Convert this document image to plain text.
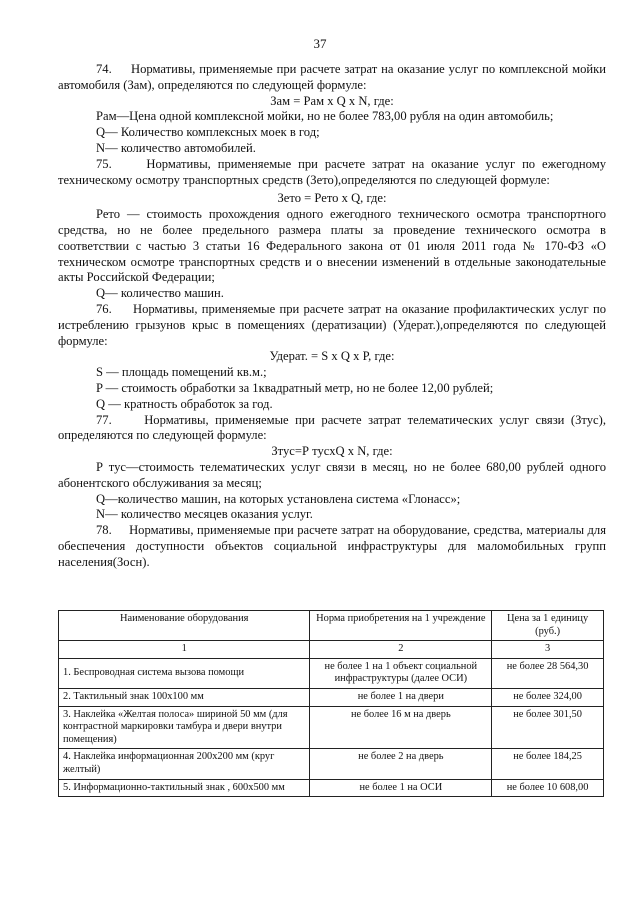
37

74.     Нормативы, применяемые при расчете затрат на оказание услуг по комплексной мойки автомобиля (Зам), определяются по следующей формуле:

Зам = Рам х Q х N, где:

Рам—Цена одной комплексной мойки, но не более 783,00 рубля на один автомобиль;

Q— Количество комплексных моек в год;

N— количество автомобилей.

75.     Нормативы, применяемые при расчете затрат на оказание услуг по ежегодному техническому осмотру транспортных средств (Зето),определяются по следующей формуле:

Зето = Рето х Q, где:

Рето — стоимость прохождения одного ежегодного технического осмотра транспортного средства, но не более предельного размера платы за проведение технического осмотра в соответствии с частью 3 статьи 16 Федерального закона от 01 июля 2011 года № 170-ФЗ «О техническом осмотре транспортных средств и о внесении изменений в отдельные законодательные акты Российской Федерации;

Q— количество машин.

76.     Нормативы, применяемые при расчете затрат на оказание профилактических услуг по истреблению грызунов крыс в помещениях (дератизации) (Удерат.),определяются по следующей формуле:

Удерат. = S х Q х P, где:

S — площадь помещений кв.м.;

P — стоимость обработки за 1квадратный метр, но не более 12,00 рублей;

Q — кратность обработок за год.

77.     Нормативы, применяемые при расчете затрат телематических услуг связи (Зтус), определяются по следующей формуле:

Зтус=Р тусхQ х N, где:

Р тус—стоимость телематических услуг связи в месяц, но не более 680,00 рублей одного абонентского обслуживания за месяц;

Q—количество машин, на которых установлена система «Глонасс»;

N— количество месяцев оказания услуг.

78.     Нормативы, применяемые при расчете затрат на оборудование, средства, материалы для обеспечения доступности объектов социальной инфраструктуры для маломобильных групп населения(Зосн).

Наименование оборудования	Норма приобретения на 1 учреждение	Цена за 1 единицу (руб.)
1	2	3
1. Беспроводная система вызова помощи	не более 1 на 1 объект социальной инфраструктуры (далее ОСИ)	не более 28 564,30
2. Тактильный знак 100х100 мм	не более 1 на двери	не более 324,00
3. Наклейка «Желтая полоса» шириной 50 мм (для контрастной маркировки тамбура и двери внутри помещения)	не более 16 м на дверь	не более 301,50
4. Наклейка информационная 200х200 мм (круг желтый)	не более 2 на дверь	не более 184,25
5. Информационно-тактильный знак , 600х500 мм	не более 1 на ОСИ	не более 10 608,00
